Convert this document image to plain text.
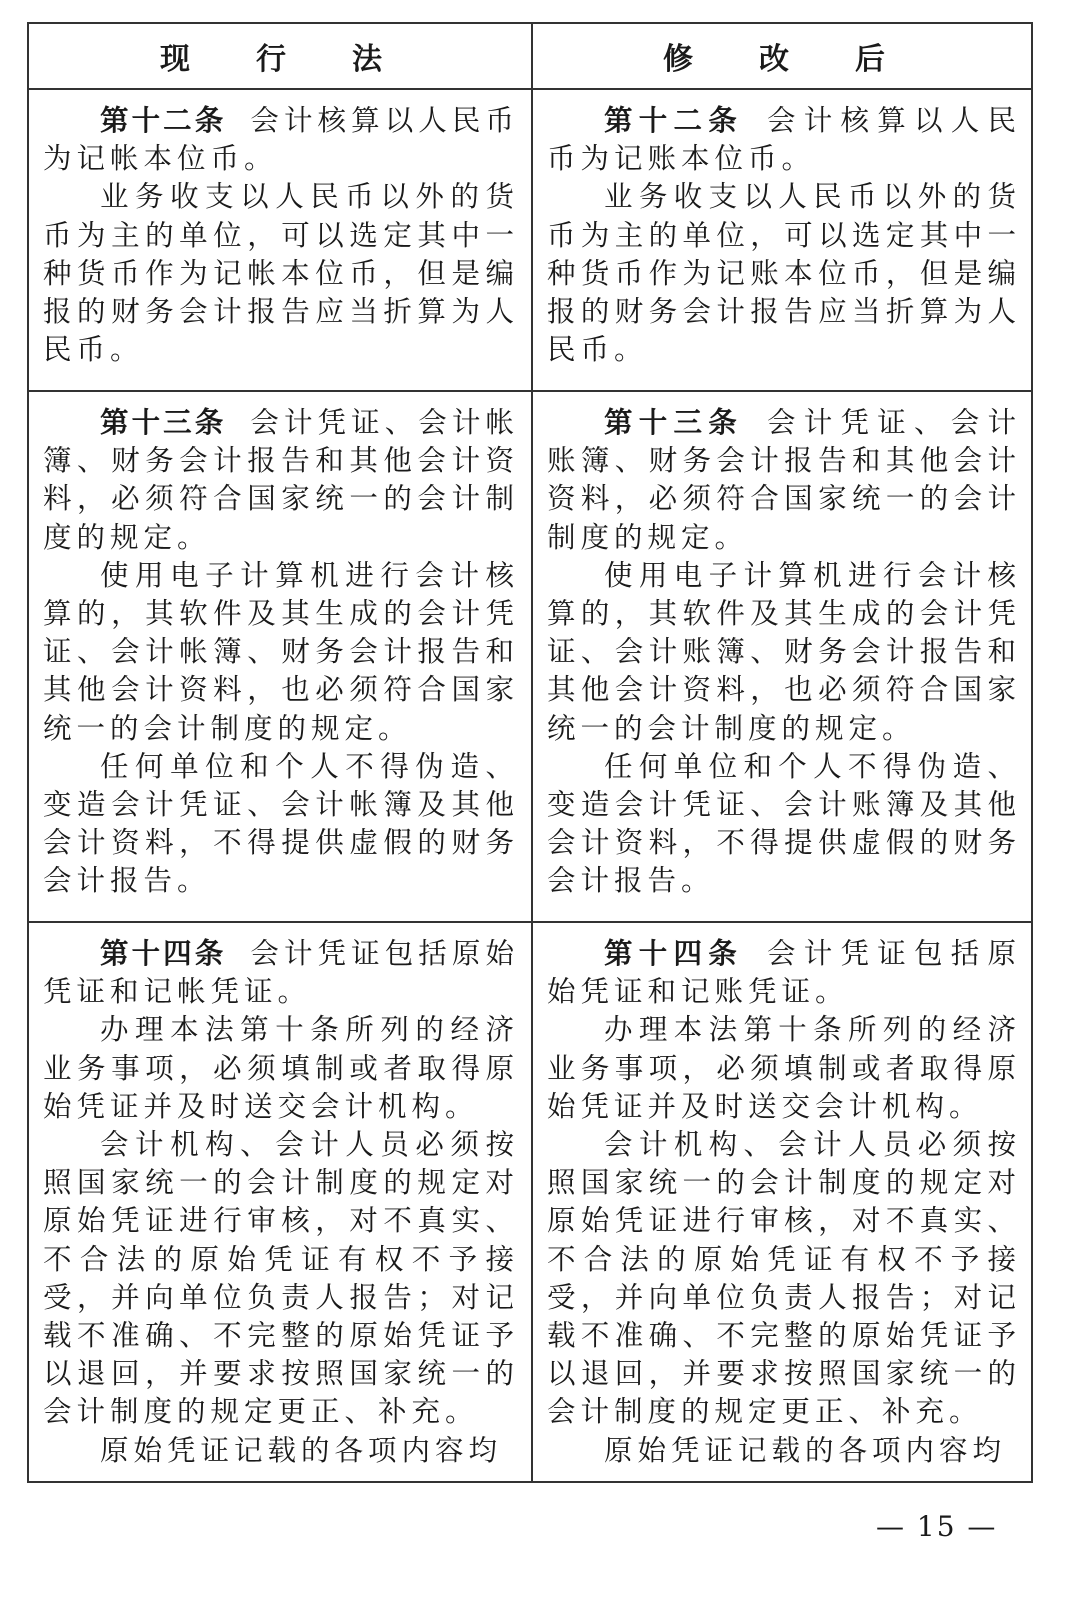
现　行　法	修　改　后

第十二条 会计核算以人民币为记帐本位币。

业务收支以人民币以外的货币为主的单位，可以选定其中一种货币作为记帐本位币，但是编报的财务会计报告应当折算为人民币。

第十二条 会计核算以人民币为记账本位币。

业务收支以人民币以外的货币为主的单位，可以选定其中一种货币作为记账本位币，但是编报的财务会计报告应当折算为人民币。

第十三条 会计凭证、会计帐簿、财务会计报告和其他会计资料，必须符合国家统一的会计制度的规定。

使用电子计算机进行会计核算的，其软件及其生成的会计凭证、会计帐簿、财务会计报告和其他会计资料，也必须符合国家统一的会计制度的规定。

任何单位和个人不得伪造、变造会计凭证、会计帐簿及其他会计资料，不得提供虚假的财务会计报告。

第十三条 会计凭证、会计账簿、财务会计报告和其他会计资料，必须符合国家统一的会计制度的规定。

使用电子计算机进行会计核算的，其软件及其生成的会计凭证、会计账簿、财务会计报告和其他会计资料，也必须符合国家统一的会计制度的规定。

任何单位和个人不得伪造、变造会计凭证、会计账簿及其他会计资料，不得提供虚假的财务会计报告。

第十四条 会计凭证包括原始凭证和记帐凭证。

办理本法第十条所列的经济业务事项，必须填制或者取得原始凭证并及时送交会计机构。

会计机构、会计人员必须按照国家统一的会计制度的规定对原始凭证进行审核，对不真实、不合法的原始凭证有权不予接受，并向单位负责人报告；对记载不准确、不完整的原始凭证予以退回，并要求按照国家统一的会计制度的规定更正、补充。

原始凭证记载的各项内容均

第十四条 会计凭证包括原始凭证和记账凭证。

办理本法第十条所列的经济业务事项，必须填制或者取得原始凭证并及时送交会计机构。

会计机构、会计人员必须按照国家统一的会计制度的规定对原始凭证进行审核，对不真实、不合法的原始凭证有权不予接受，并向单位负责人报告；对记载不准确、不完整的原始凭证予以退回，并要求按照国家统一的会计制度的规定更正、补充。

原始凭证记载的各项内容均

— 15 —
